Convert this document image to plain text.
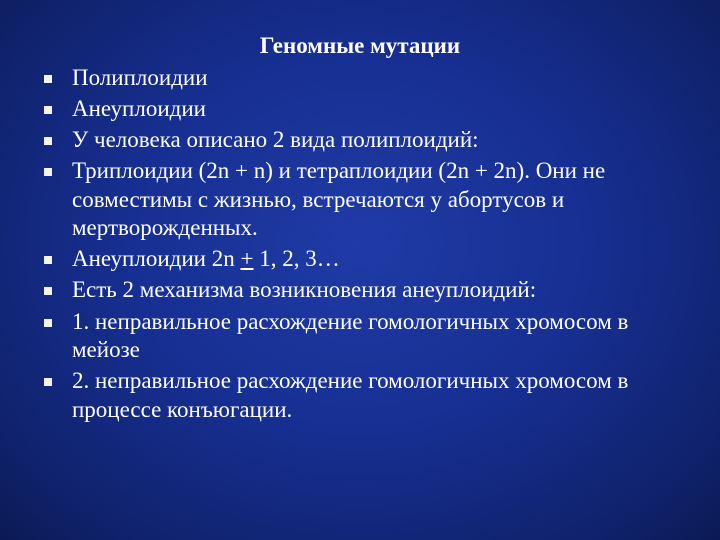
Геномные мутации
Полиплоидии
Анеуплоидии
У человека описано 2 вида полиплоидий:
Триплоидии (2n + n) и тетраплоидии (2n + 2n). Они не совместимы с жизнью, встречаются у абортусов и мертворожденных.
Анеуплоидии 2n + 1, 2, 3…
Есть 2 механизма возникновения анеуплоидий:
1. неправильное расхождение гомологичных хромосом в мейозе
2. неправильное расхождение гомологичных хромосом в процессе конъюгации.
